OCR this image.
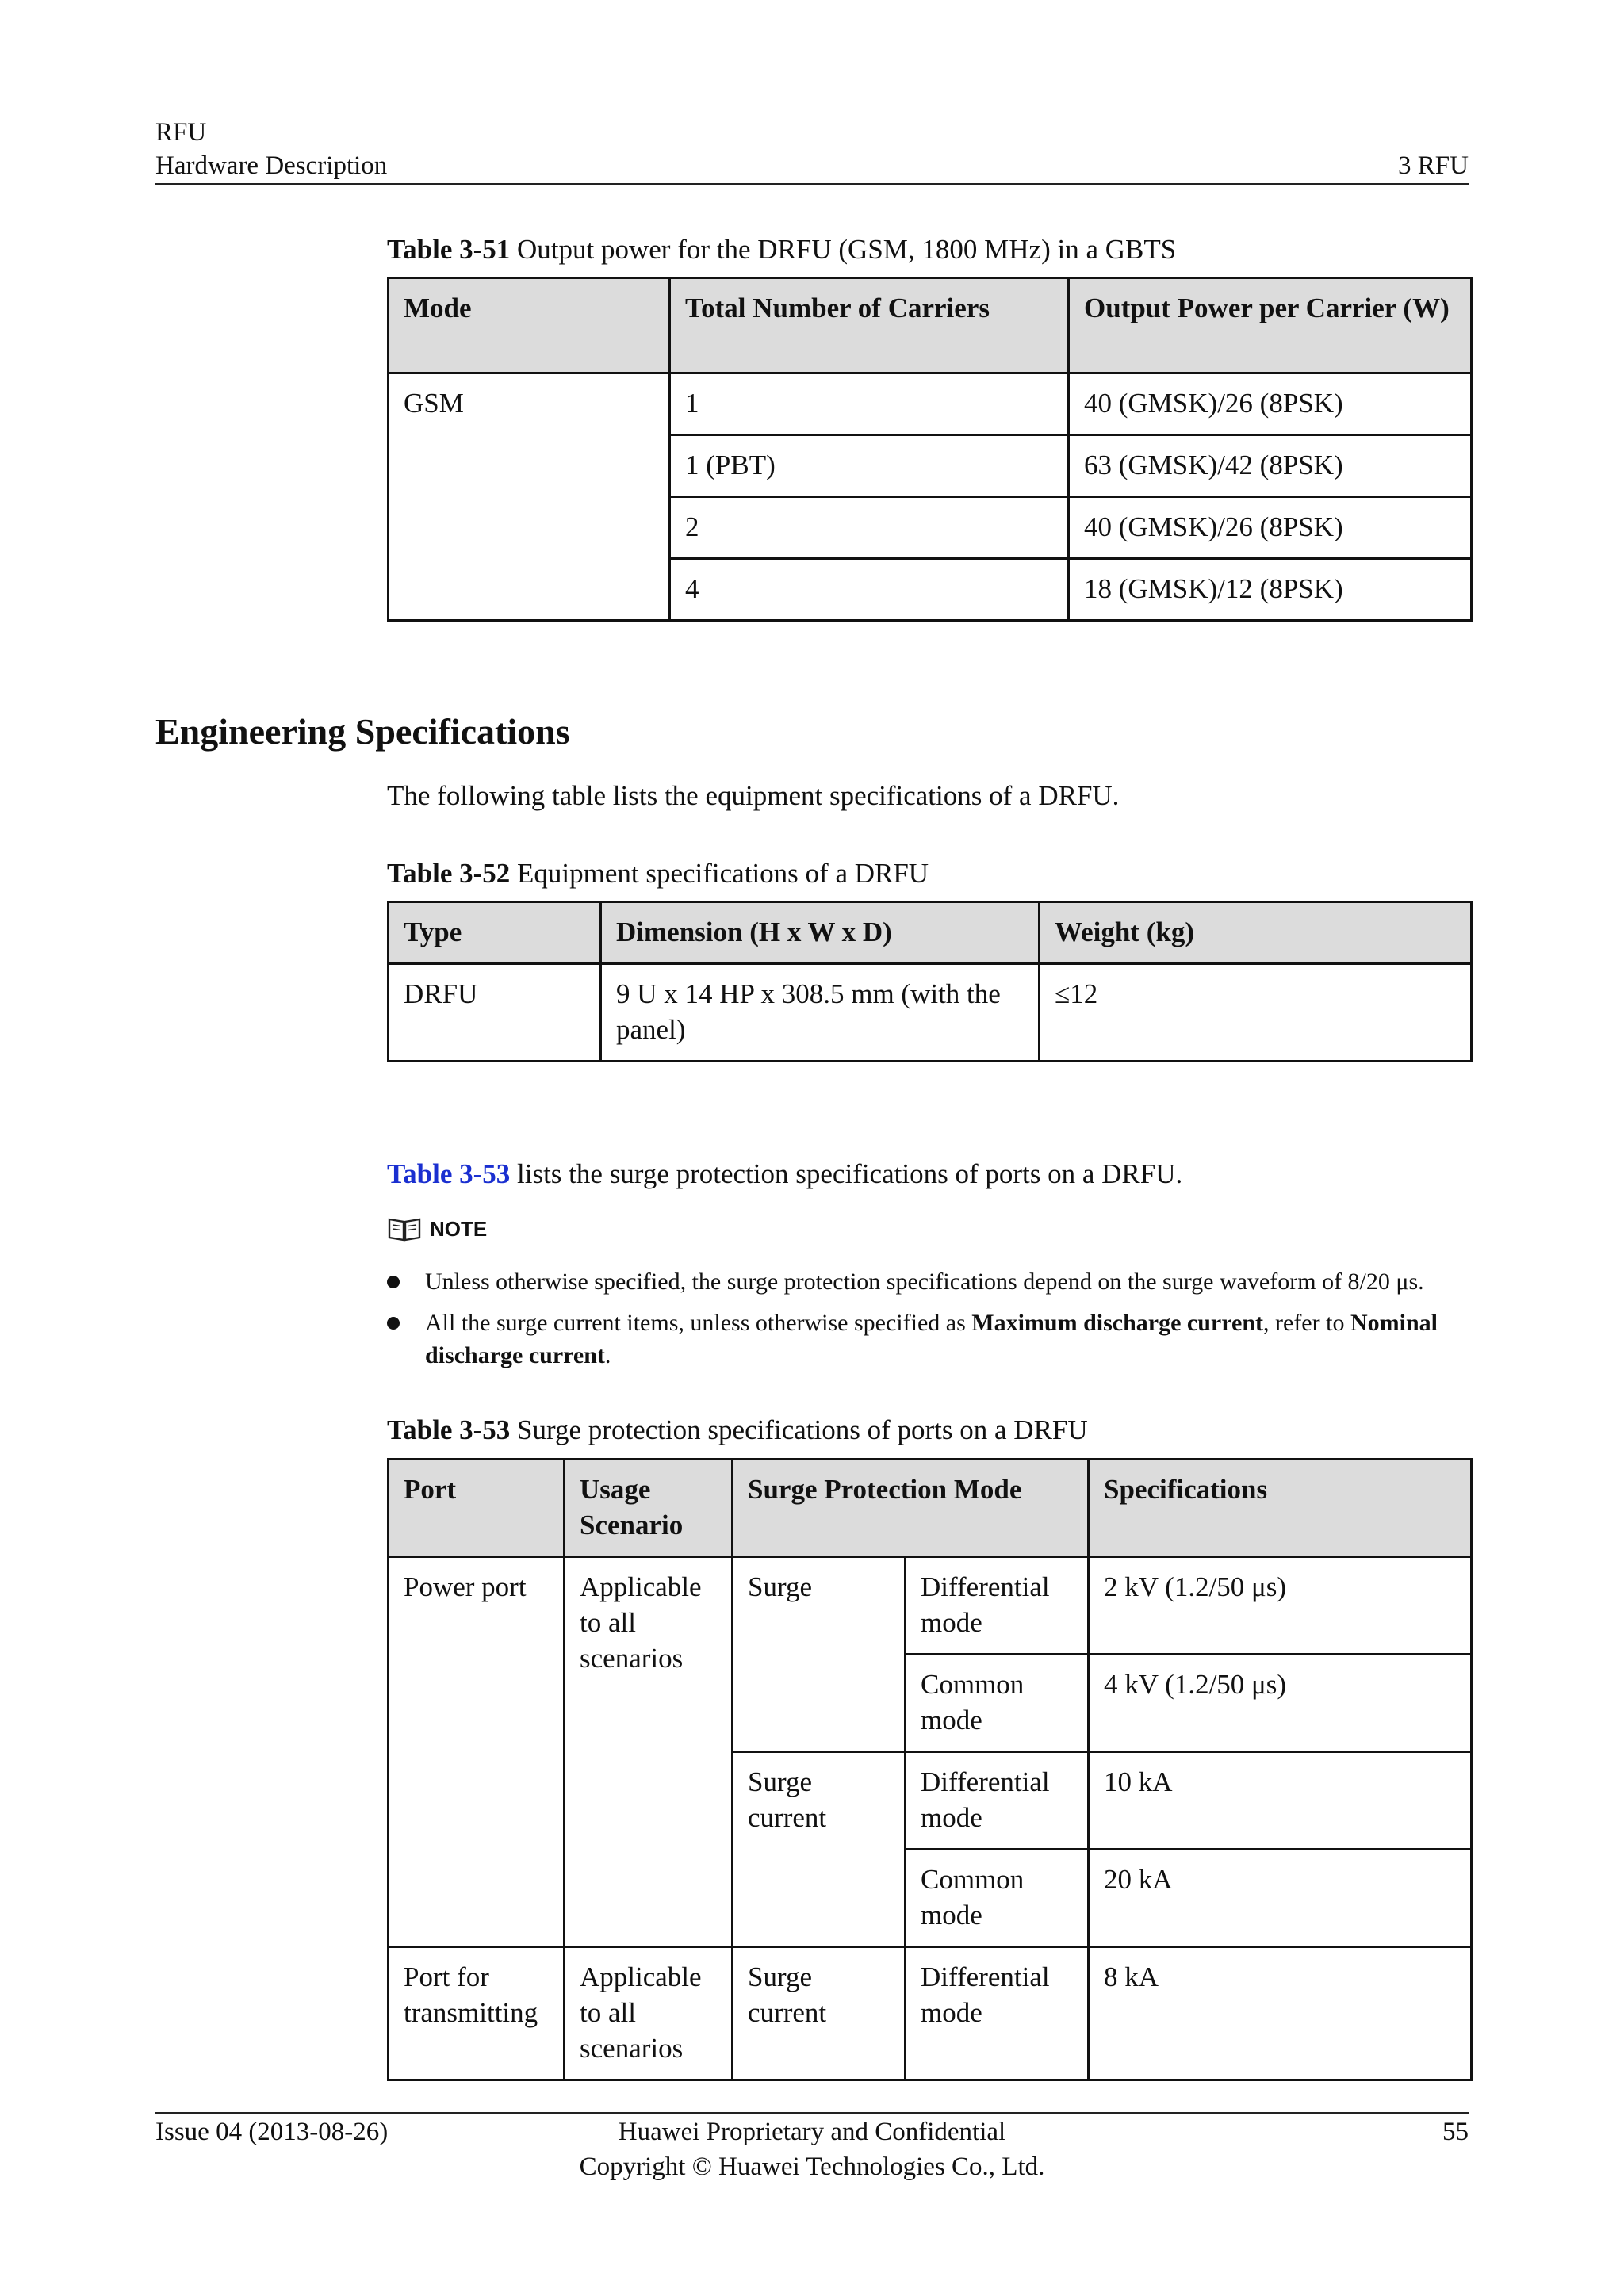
RFU
Hardware Description	3 RFU
Table 3-51 Output power for the DRFU (GSM, 1800 MHz) in a GBTS
Mode	Total Number of Carriers	Output Power per Carrier (W)
GSM	1	40 (GMSK)/26 (8PSK)
	1 (PBT)	63 (GMSK)/42 (8PSK)
	2	40 (GMSK)/26 (8PSK)
	4	18 (GMSK)/12 (8PSK)
Engineering Specifications
The following table lists the equipment specifications of a DRFU.
Table 3-52 Equipment specifications of a DRFU
Type	Dimension (H x W x D)	Weight (kg)
DRFU	9 U x 14 HP x 308.5 mm (with the panel)	≤12
Table 3-53 lists the surge protection specifications of ports on a DRFU.
NOTE
Unless otherwise specified, the surge protection specifications depend on the surge waveform of 8/20 μs.
All the surge current items, unless otherwise specified as Maximum discharge current, refer to Nominal discharge current.
Table 3-53 Surge protection specifications of ports on a DRFU
Port	Usage Scenario	Surge Protection Mode		Specifications
Power port	Applicable to all scenarios	Surge	Differential mode	2 kV (1.2/50 μs)
			Common mode	4 kV (1.2/50 μs)
		Surge current	Differential mode	10 kA
			Common mode	20 kA
Port for transmitting	Applicable to all scenarios	Surge current	Differential mode	8 kA
Issue 04 (2013-08-26)	Huawei Proprietary and Confidential
Copyright © Huawei Technologies Co., Ltd.
55
